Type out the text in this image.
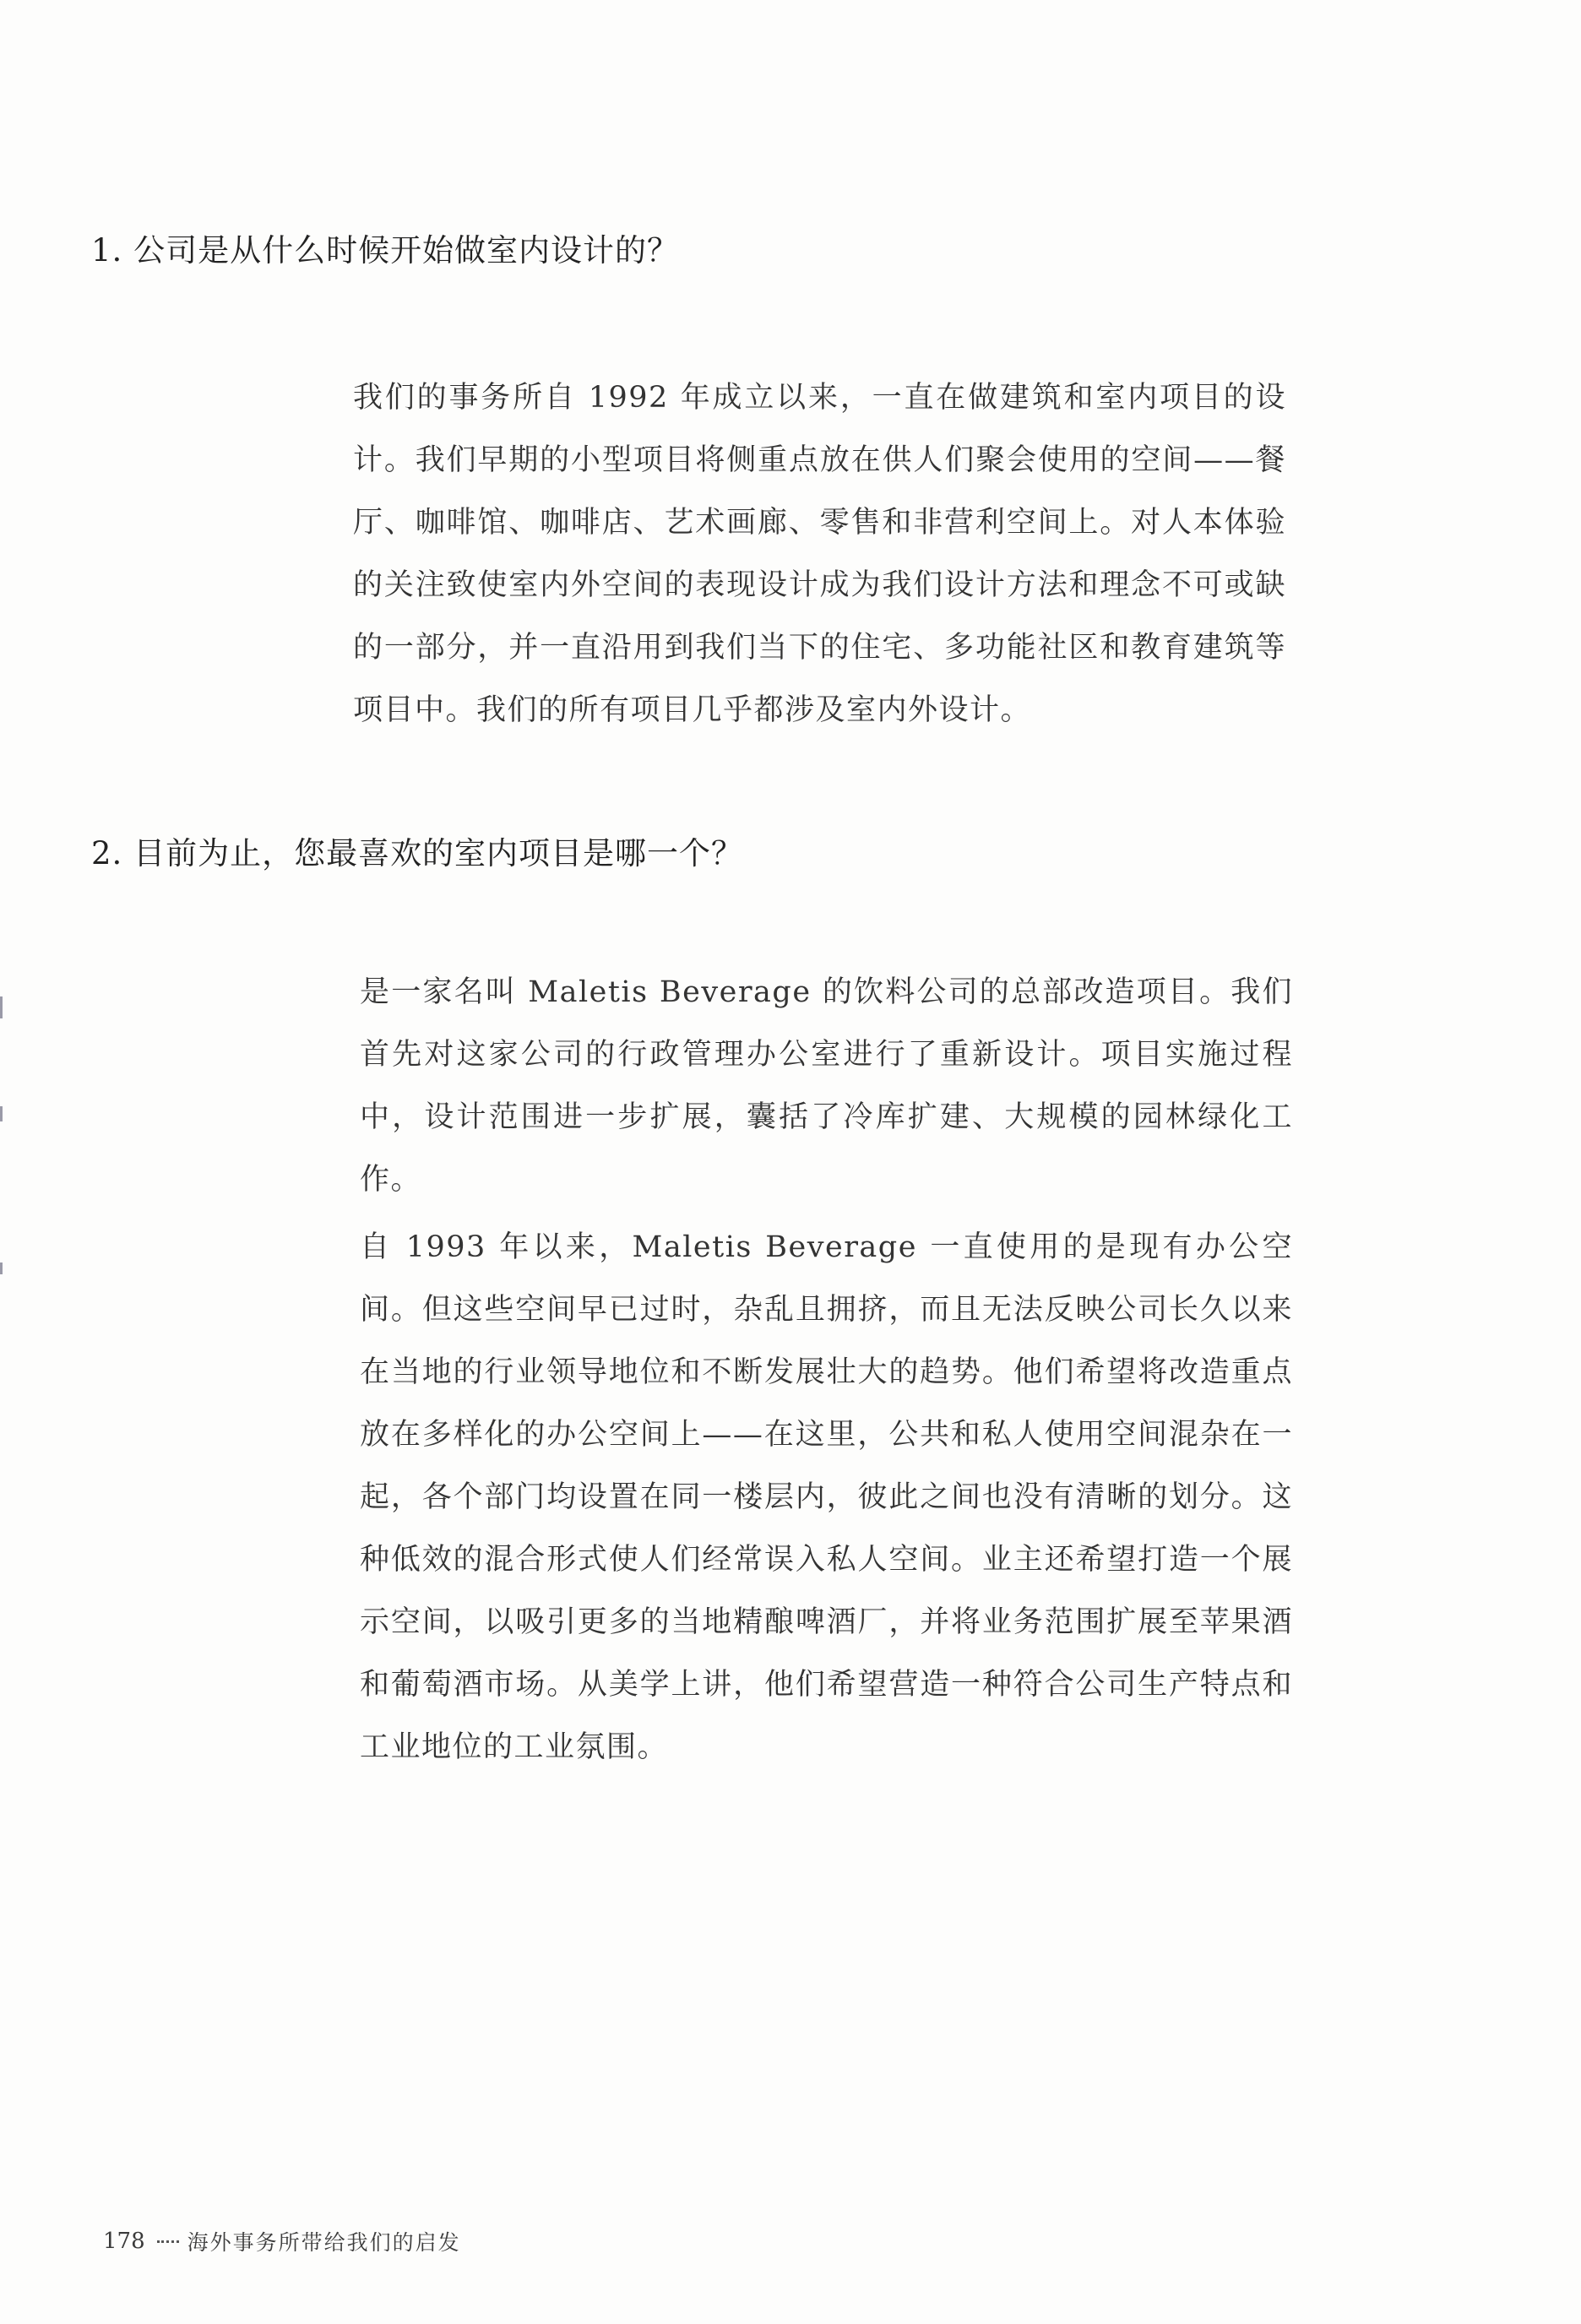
1. 公司是从什么时候开始做室内设计的？

我们的事务所自 1992 年成立以来，一直在做建筑和室内项目的设计。我们早期的小型项目将侧重点放在供人们聚会使用的空间——餐厅、咖啡馆、咖啡店、艺术画廊、零售和非营利空间上。对人本体验的关注致使室内外空间的表现设计成为我们设计方法和理念不可或缺的一部分，并一直沿用到我们当下的住宅、多功能社区和教育建筑等项目中。我们的所有项目几乎都涉及室内外设计。

2. 目前为止，您最喜欢的室内项目是哪一个？

是一家名叫 Maletis Beverage 的饮料公司的总部改造项目。我们首先对这家公司的行政管理办公室进行了重新设计。项目实施过程中，设计范围进一步扩展，囊括了冷库扩建、大规模的园林绿化工作。

自 1993 年以来，Maletis Beverage 一直使用的是现有办公空间。但这些空间早已过时，杂乱且拥挤，而且无法反映公司长久以来在当地的行业领导地位和不断发展壮大的趋势。他们希望将改造重点放在多样化的办公空间上——在这里，公共和私人使用空间混杂在一起，各个部门均设置在同一楼层内，彼此之间也没有清晰的划分。这种低效的混合形式使人们经常误入私人空间。业主还希望打造一个展示空间，以吸引更多的当地精酿啤酒厂，并将业务范围扩展至苹果酒和葡萄酒市场。从美学上讲，他们希望营造一种符合公司生产特点和工业地位的工业氛围。

178 海外事务所带给我们的启发
